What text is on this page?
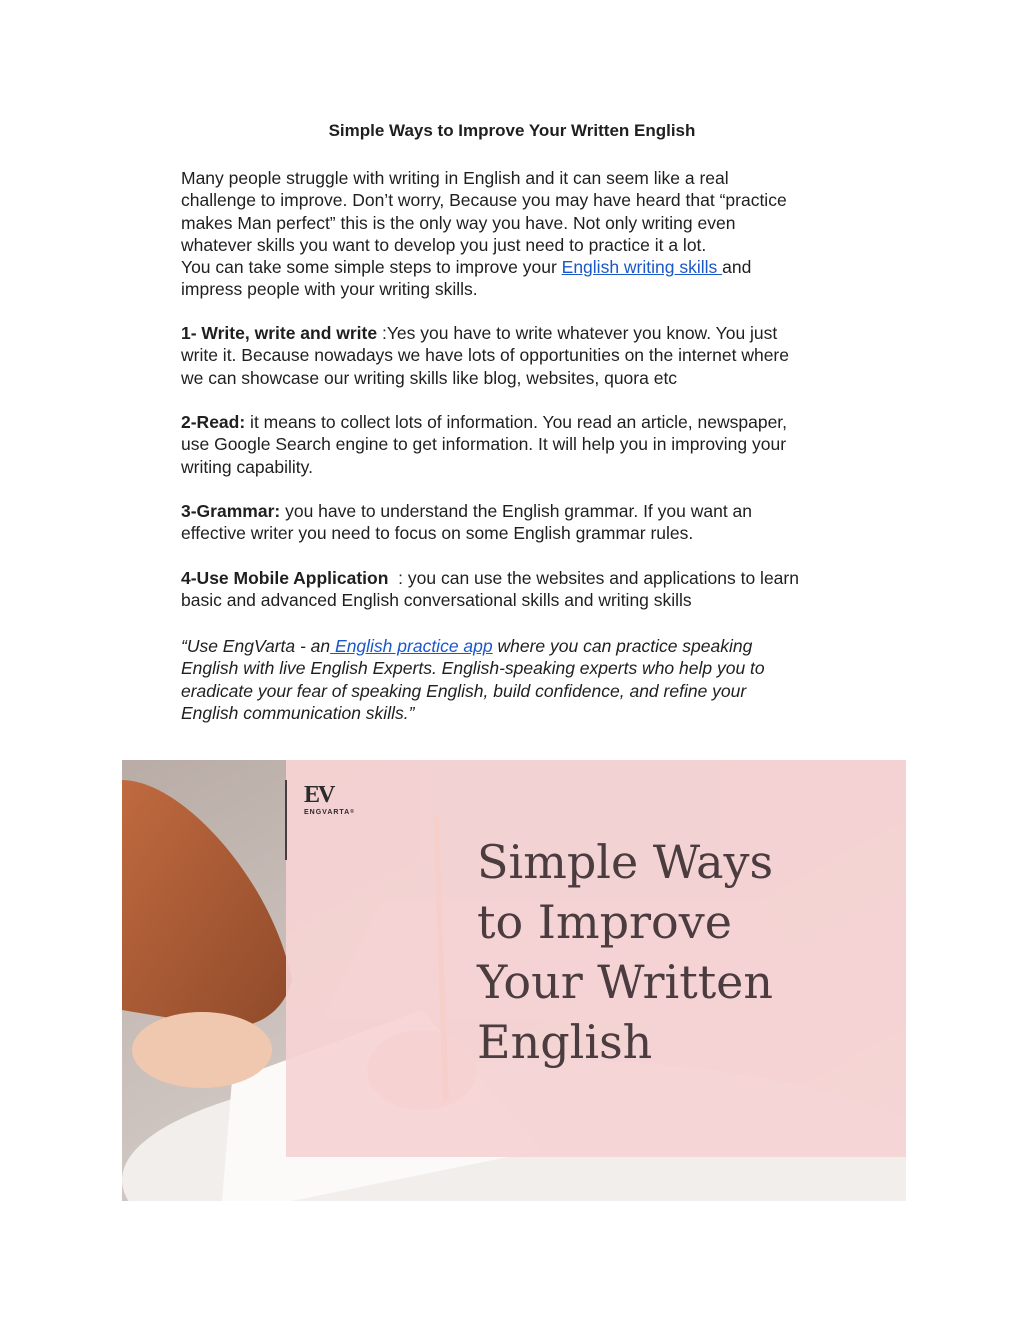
Simple Ways to Improve Your Written English

Many people struggle with writing in English and it can seem like a real

challenge to improve. Don’t worry, Because you may have heard that “practice

makes Man perfect” this is the only way you have. Not only writing even

whatever skills you want to develop you just need to practice it a lot.

You can take some simple steps to improve your English writing skills and

impress people with your writing skills.

1- Write, write and write :Yes you have to write whatever you know. You just

write it. Because nowadays we have lots of opportunities on the internet where

we can showcase our writing skills like blog, websites, quora etc

2-Read: it means to collect lots of information. You read an article, newspaper,

use Google Search engine to get information. It will help you in improving your

writing capability.

3-Grammar: you have to understand the English grammar. If you want an

effective writer you need to focus on some English grammar rules.

4-Use Mobile Application  : you can use the websites and applications to learn

basic and advanced English conversational skills and writing skills

“Use EngVarta - an English practice app where you can practice speaking

English with live English Experts. English-speaking experts who help you to

eradicate your fear of speaking English, build confidence, and refine your

English communication skills.”

EV
ENGVARTA®
Simple Ways
to Improve
Your Written
English
